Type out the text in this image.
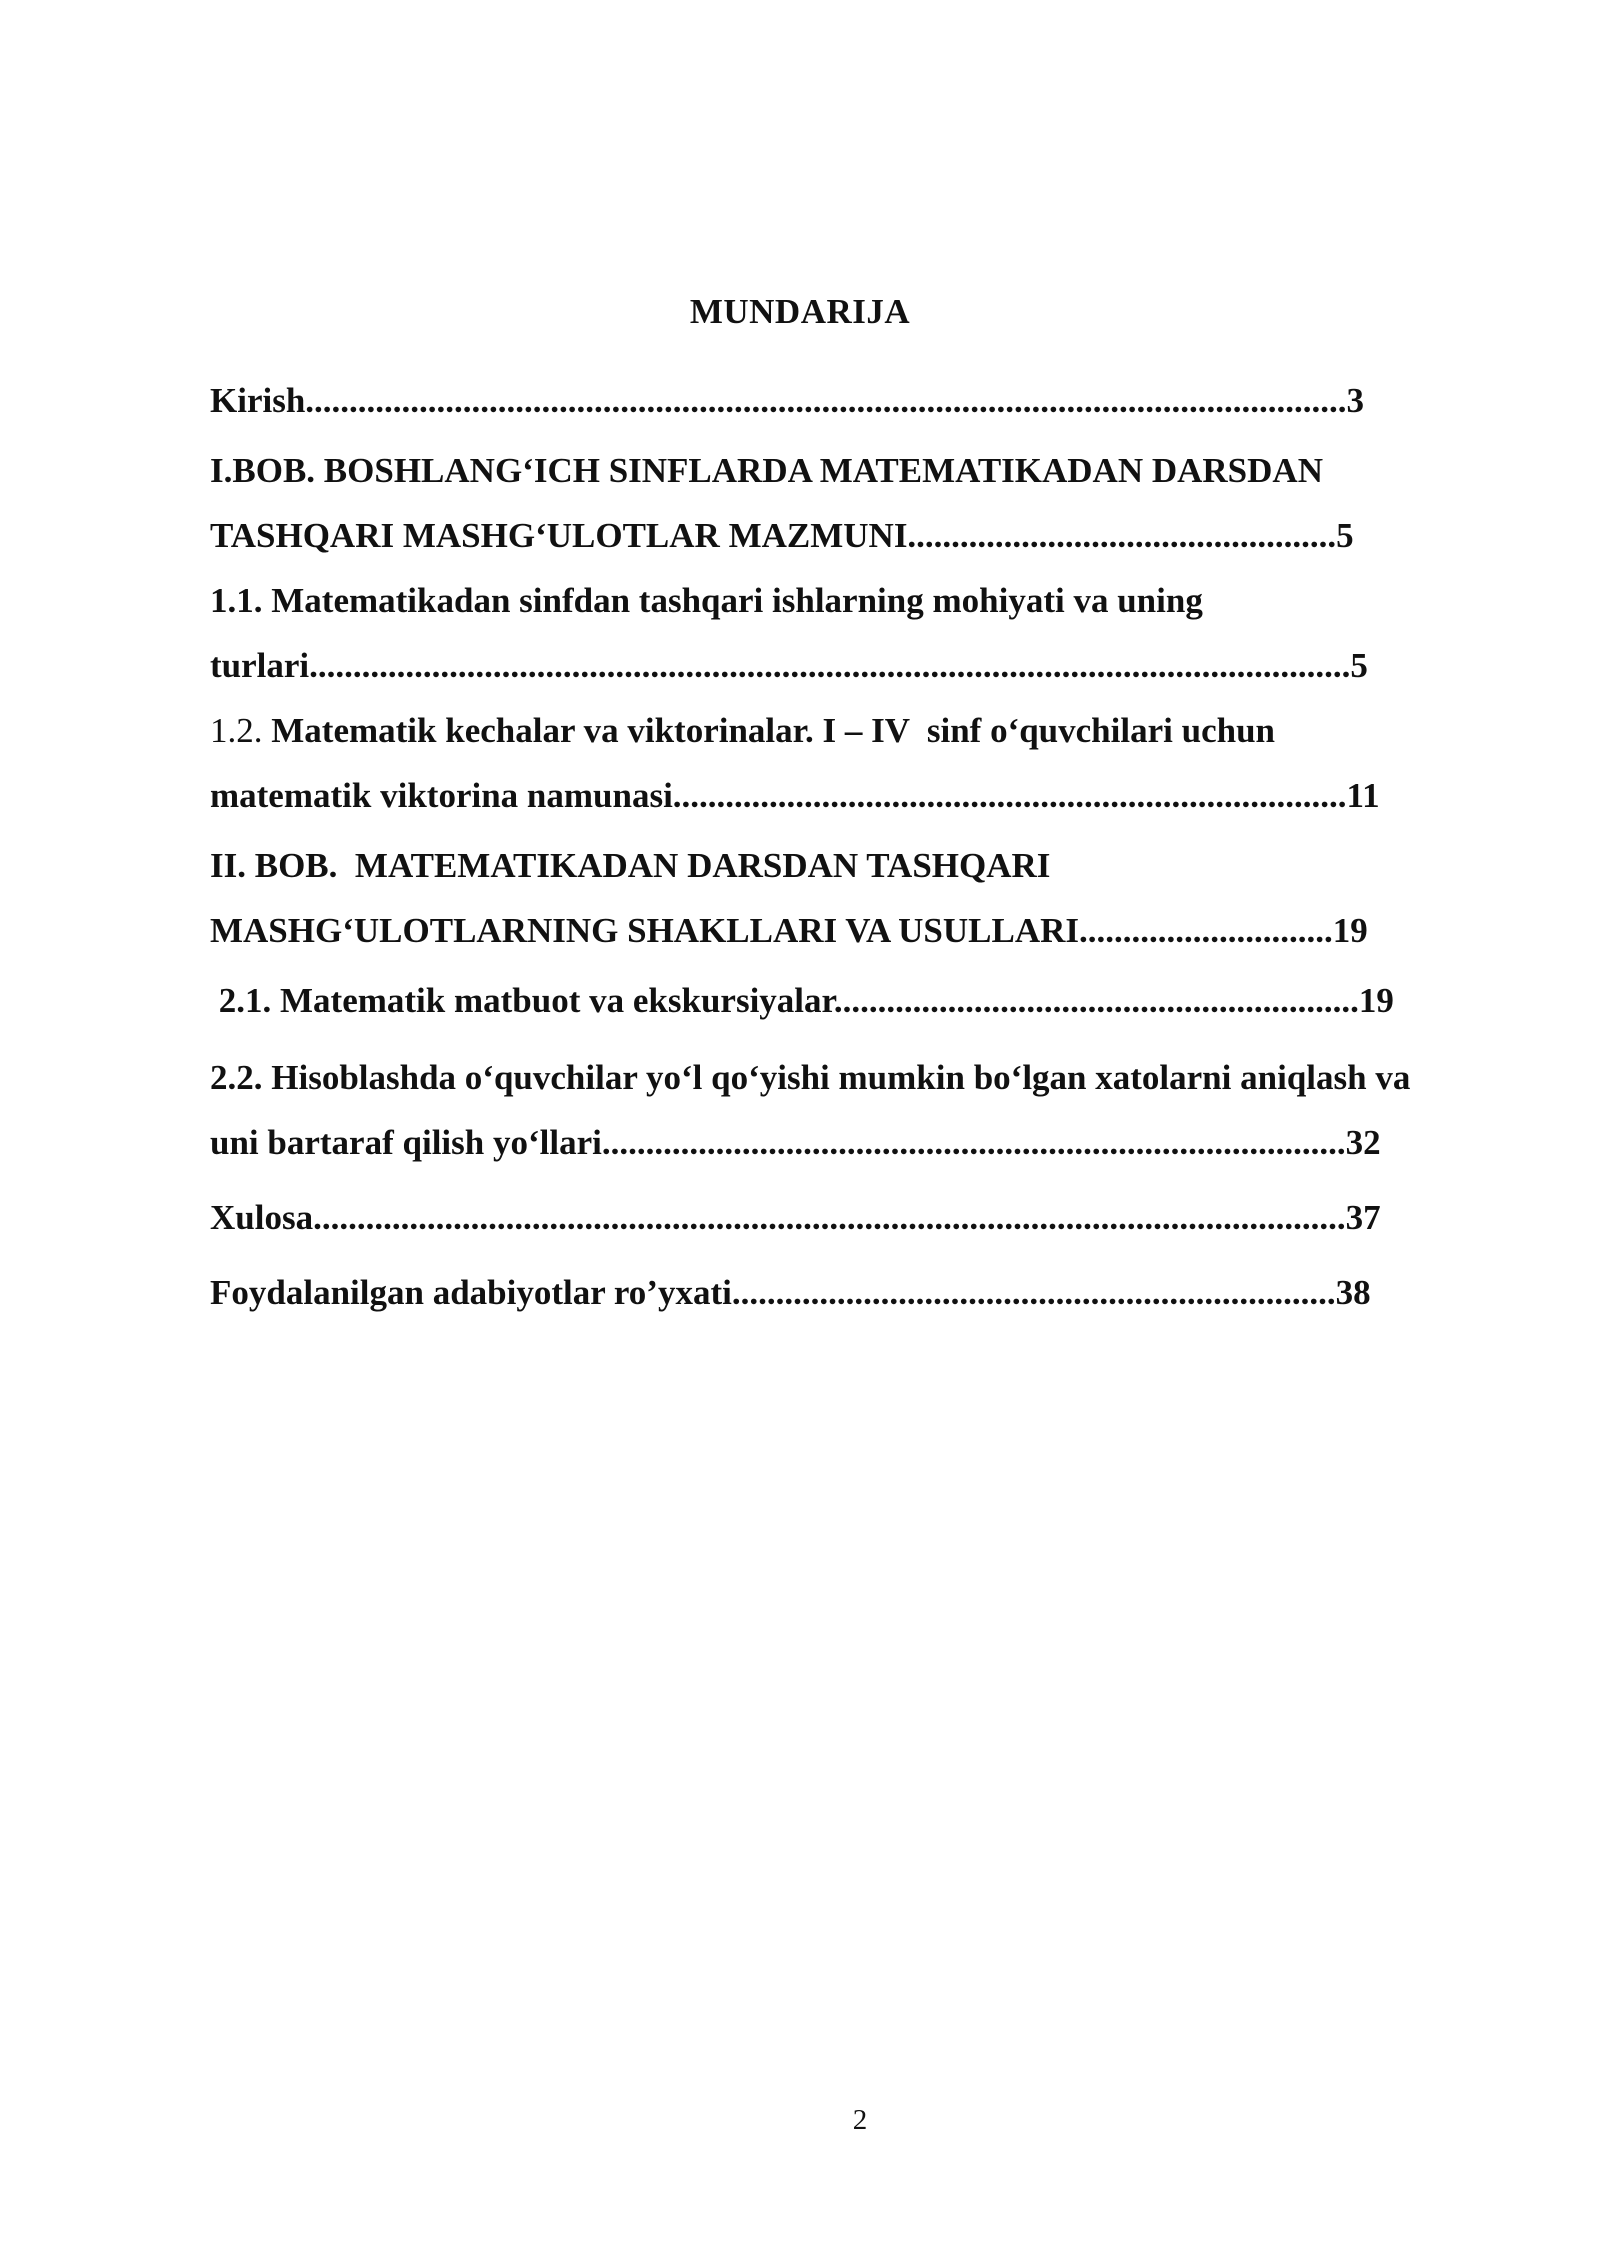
MUNDARIJA
Kirish.......................................................................................................................3
I.BOB. BOSHLANG‘ICH SINFLARDA MATEMATIKADAN DARSDAN
TASHQARI MASHG‘ULOTLAR MAZMUNI.................................................5
1.1. Matematikadan sinfdan tashqari ishlarning mohiyati va uning
turlari.......................................................................................................................5
1.2. Matematik kechalar va viktorinalar. I – IV  sinf o‘quvchilari uchun
matematik viktorina namunasi.............................................................................11
II. BOB.  MATEMATIKADAN DARSDAN TASHQARI
MASHG‘ULOTLARNING SHAKLLARI VA USULLARI.............................19
2.1. Matematik matbuot va ekskursiyalar............................................................19
2.2. Hisoblashda o‘quvchilar yo‘l qo‘yishi mumkin bo‘lgan xatolarni aniqlash va
uni bartaraf qilish yo‘llari.....................................................................................32
Xulosa......................................................................................................................37
Foydalanilgan adabiyotlar ro’yxati.....................................................................38
2
